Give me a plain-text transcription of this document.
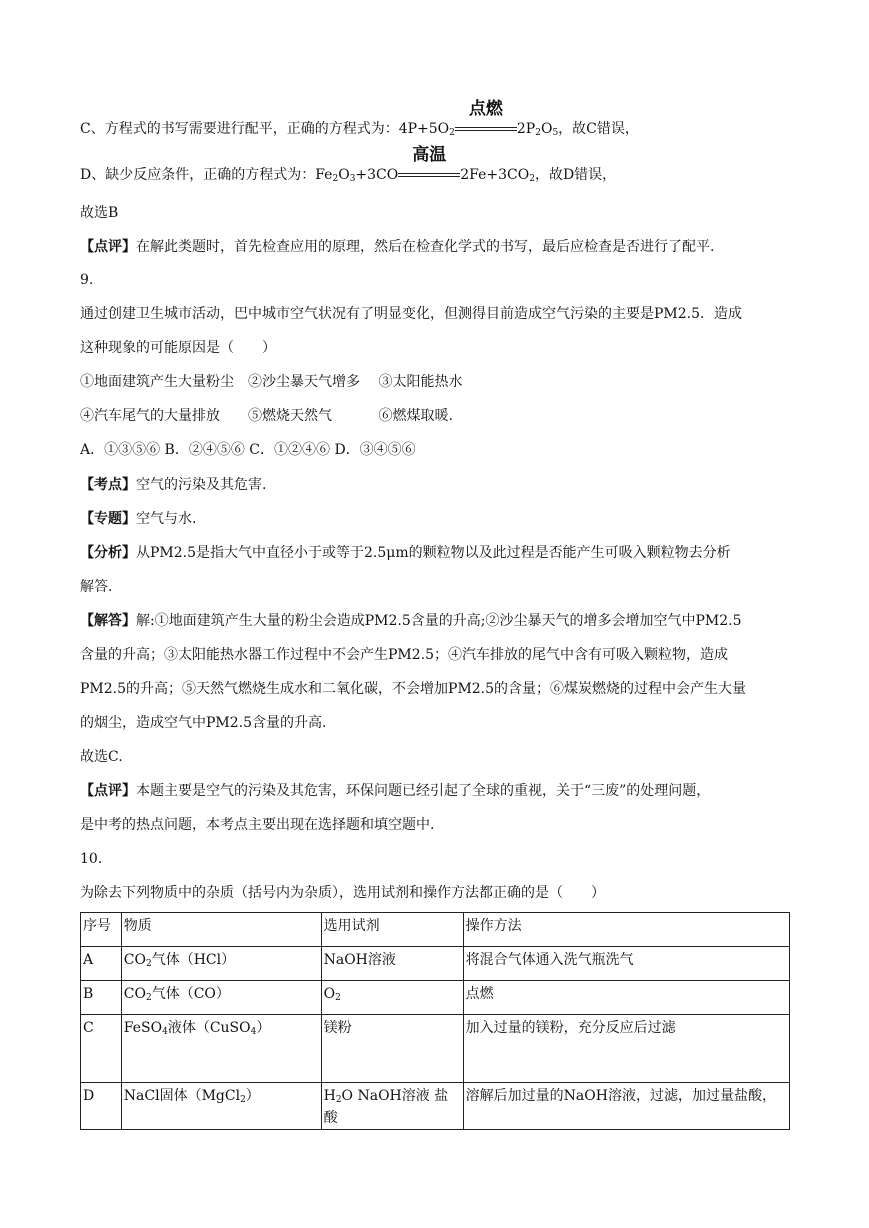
C、方程式的书写需要进行配平，正确的方程式为：$4P+5O_2$
点燃
$2P_2O_5$，故C错误，
D、缺少反应条件，正确的方程式为：$Fe_2O_3+3CO$
高温
$2Fe+3CO_2$，故D错误，
故选B
【点评】在解此类题时，首先检查应用的原理，然后在检查化学式的书写，最后应检查是否进行了配平.
9.
通过创建卫生城市活动，巴中城市空气状况有了明显变化，但测得目前造成空气污染的主要是PM2.5．造成
这种现象的可能原因是（　　）
①地面建筑产生大量粉尘　②沙尘暴天气增多　 ③太阳能热水
④汽车尾气的大量排放　　⑤燃烧天然气　　　 ⑥燃煤取暖.
A．①③⑤⑥ B．②④⑤⑥ C．①②④⑥ D．③④⑤⑥
【考点】空气的污染及其危害.
【专题】空气与水.
【分析】从PM2.5是指大气中直径小于或等于2.5μm的颗粒物以及此过程是否能产生可吸入颗粒物去分析
解答.
【解答】解:①地面建筑产生大量的粉尘会造成PM2.5含量的升高;②沙尘暴天气的增多会增加空气中PM2.5
含量的升高；③太阳能热水器工作过程中不会产生PM2.5；④汽车排放的尾气中含有可吸入颗粒物，造成
PM2.5的升高；⑤天然气燃烧生成水和二氧化碳，不会增加PM2.5的含量；⑥煤炭燃烧的过程中会产生大量
的烟尘，造成空气中PM2.5含量的升高.
故选C.
【点评】本题主要是空气的污染及其危害，环保问题已经引起了全球的重视，关于“三废”的处理问题，
是中考的热点问题，本考点主要出现在选择题和填空题中.
10.
为除去下列物质中的杂质（括号内为杂质），选用试剂和操作方法都正确的是（　　）
序号	物质	选用试剂	操作方法
A	$CO_2$气体（HCl）	NaOH溶液	将混合气体通入洗气瓶洗气
B	$CO_2$气体（CO）	$O_2$	点燃
C	FeSO$_4$液体（CuSO$_4$）	镁粉	加入过量的镁粉，充分反应后过滤
D	NaCl固体（MgCl$_2$）	$H_2O$ NaOH溶液 盐酸	溶解后加过量的NaOH溶液，过滤，加过量盐酸，
